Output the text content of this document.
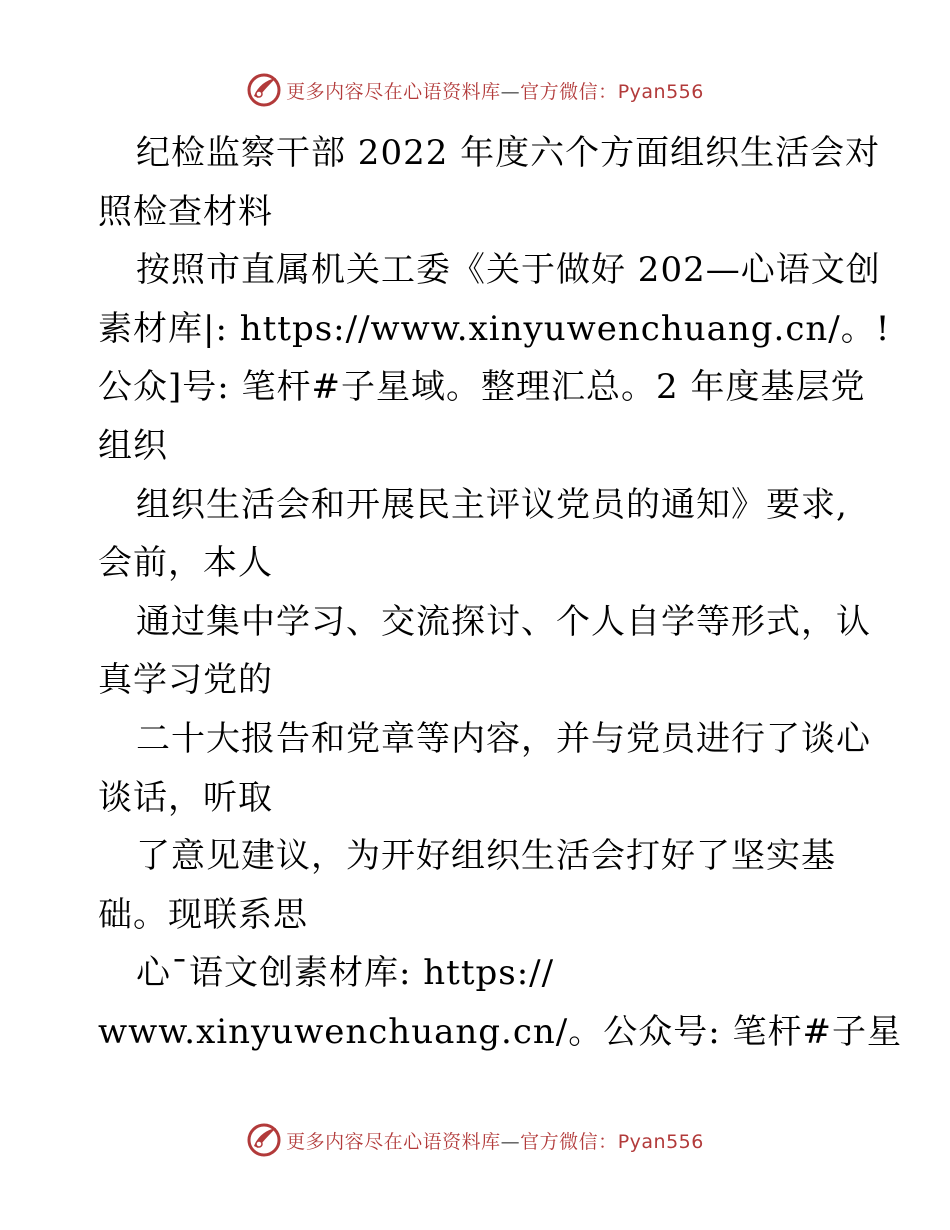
更多内容尽在心语资料库—官方微信：Pyan556
纪检监察干部 2022 年度六个方面组织生活会对
照检查材料
按照市直属机关工委《关于做好 202—心语文创
素材库|: https://www.xinyuwenchuang.cn/。!
公众]号: 笔杆#子星域。整理汇总。2 年度基层党
组织
组织生活会和开展民主评议党员的通知》要求,
会前，本人
通过集中学习、交流探讨、个人自学等形式，认
真学习党的
二十大报告和党章等内容，并与党员进行了谈心
谈话，听取
了意见建议，为开好组织生活会打好了坚实基
础。现联系思
心¯语文创素材库: https://
www.xinyuwenchuang.cn/。公众号: 笔杆#子星
更多内容尽在心语资料库—官方微信：Pyan556
